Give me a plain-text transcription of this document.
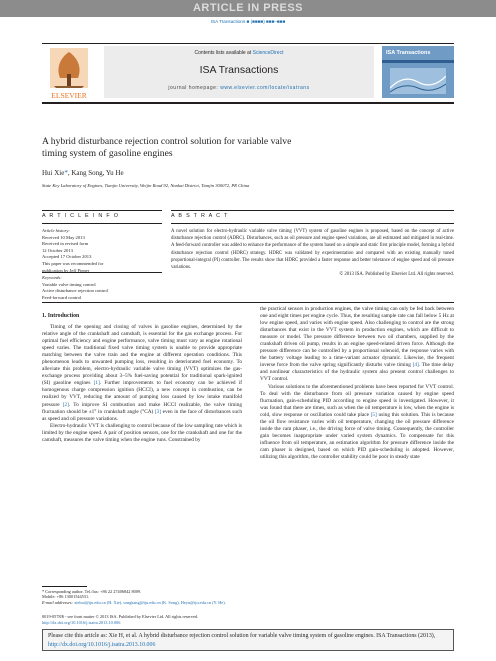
ARTICLE IN PRESS
ISA Transactions ■ (■■■■) ■■■–■■■
ELSEVIER
Contents lists available at ScienceDirect
ISA Transactions
journal homepage: www.elsevier.com/locate/isatrans
ISA Transactions
A hybrid disturbance rejection control solution for variable valve
timing system of gasoline engines
Hui Xie*, Kang Song, Yu He
State Key Laboratory of Engines, Tianjin University, Weijin Road 92, Nankai District, Tianjin 300072, PR China
A R T I C L E I N F O	A B S T R A C T
Article history:
Received 10 May 2013
Received in revised form
12 October 2013
Accepted 17 October 2013
This paper was recommended for
publication by Jeff Pieper
Keywords:
Variable valve timing control
Active disturbance rejection control
Feed-forward control
A novel solution for electro-hydraulic variable valve timing (VVT) system of gasoline engines is proposed, based on the concept of active disturbance rejection control (ADRC). Disturbances, such as oil pressure and engine speed variations, are all estimated and mitigated in real-time. A feed-forward controller was added to enhance the performance of the system based on a simple and static first principle model, forming a hybrid disturbance rejection control (HDRC) strategy. HDRC was validated by experimentation and compared with an existing manually tuned proportional-integral (PI) controller. The results show that HDRC provided a faster response and better tolerance of engine speed and oil pressure variations.
© 2013 ISA. Published by Elsevier Ltd. All rights reserved.
1. Introduction

Timing of the opening and closing of valves in gasoline engines, determined by the relative angle of the crankshaft and camshaft, is essential for the gas exchange process. For optimal fuel efficiency and engine performance, valve timing must vary as engine rotational speed varies. The traditional fixed valve timing system is unable to provide appropriate matching between the valve train and the engine at different operation conditions. This phenomenon leads to unwanted pumping loss, resulting in deteriorated fuel economy. To alleviate this problem, electro-hydraulic variable valve timing (VVT) optimizes the gas-exchange process providing about 3–5% fuel-saving potential for traditional spark-ignited (SI) gasoline engines [1]. Further improvements to fuel economy can be achieved if homogenous charge compression ignition (HCCI), a new concept in combustion, can be realized by VVT, reducing the amount of pumping loss caused by low intake manifold pressure [2]. To improve SI combustion and make HCCI realizable, the valve timing fluctuation should be ±1° in crankshaft angle (°CA) [3] even in the face of disturbances such as speed and oil pressure variations.

Electro-hydraulic VVT is challenging to control because of the low sampling rate which is limited by the engine speed. A pair of position sensors, one for the crankshaft and one for the camshaft, measures the valve timing when the engine runs. Constrained by

the practical sensors in production engines, the valve timing can only be fed back between one and eight times per engine cycle. Thus, the resulting sample rate can fall below 5 Hz at low engine speed, and varies with engine speed. Also challenging to control are the strong disturbances that exist in the VVT system in production engines, which are difficult to measure or model. The pressure difference between two oil chambers, supplied by the crankshaft driven oil pump, results in an engine speed-related driven force. Although the pressure difference can be controlled by a proportional solenoid, the response varies with the battery voltage leading to a time-variant actuator dynamic. Likewise, the frequent inverse force from the valve spring significantly disturbs valve timing [4]. The time delay and nonlinear characteristics of the hydraulic system also present control challenges to VVT control.

Various solutions to the aforementioned problems have been reported for VVT control. To deal with the disturbance from oil pressure variation caused by engine speed fluctuation, gain-scheduling PID according to engine speed is investigated. However, it was found that there are times, such as when the oil temperature is low, when the engine is cold, slow response or oscillation could take place [5] using this solution. This is because the oil flow resistance varies with oil temperature, changing the oil pressure difference inside the cam phaser, i.e., the driving force of valve timing. Consequently, the controller gain becomes inappropriate under varied system dynamics. To compensate for this influence from oil temperature, an estimation algorithm for pressure difference inside the cam phaser is designed, based on which PID gain-scheduling is adopted. However, utilizing this algorithm, the controller stability could be poor in steady state

* Corresponding author. Tel./fax: +86 22 27406842 8009.
Mobile: +86 13001544531.
E-mail addresses: xiehui@tju.edu.cn (H. Xie), songkang@tju.edu.cn (K. Song), Heyu@tju.edu.cn (Y. He).
0019-0578/$ - see front matter © 2013 ISA. Published by Elsevier Ltd. All rights reserved.
http://dx.doi.org/10.1016/j.isatra.2013.10.006
Please cite this article as: Xie H, et al. A hybrid disturbance rejection control solution for variable valve timing system of gasoline engines. ISA Transactions (2013), http://dx.doi.org/10.1016/j.isatra.2013.10.006
